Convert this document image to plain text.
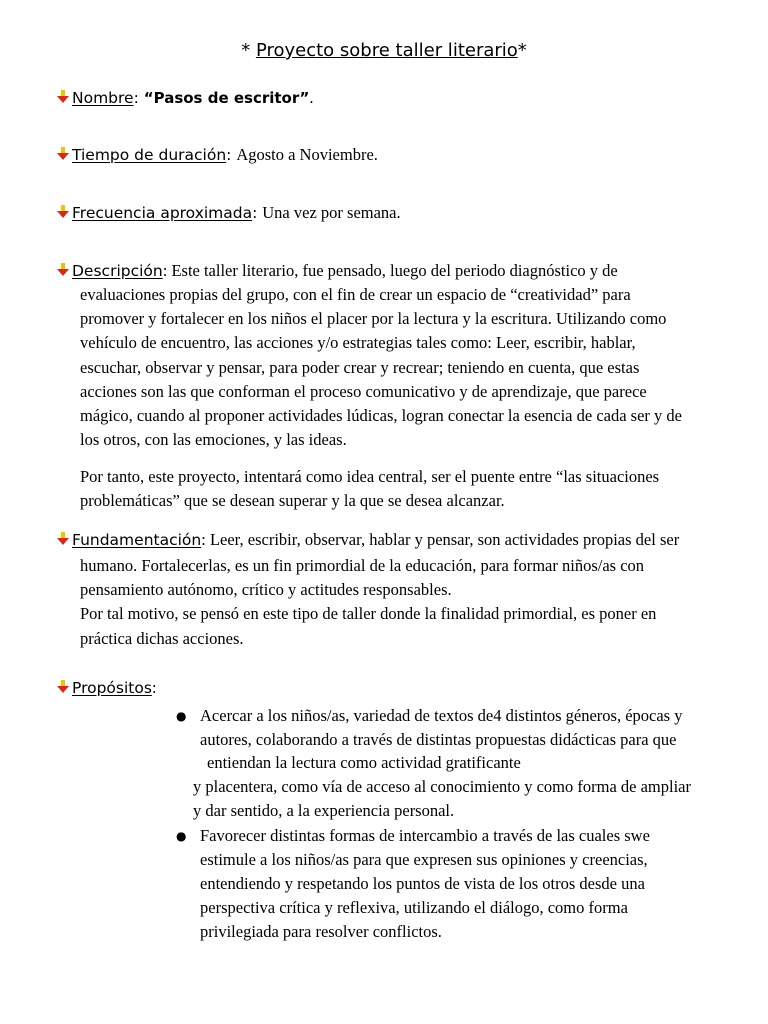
* Proyecto sobre taller literario*
Nombre: “Pasos de escritor”.
Tiempo de duración: Agosto a Noviembre.
Frecuencia aproximada: Una vez por semana.
Descripción: Este taller literario, fue pensado, luego del periodo diagnóstico y de
evaluaciones propias del grupo, con el fin de crear un espacio de “creatividad” para
promover y fortalecer en los niños el placer por la lectura y la escritura. Utilizando como
vehículo de encuentro, las acciones y/o estrategias tales como: Leer, escribir, hablar,
escuchar, observar y pensar, para poder crear y recrear; teniendo en cuenta, que estas
acciones son las que conforman el proceso comunicativo y de aprendizaje, que parece
mágico, cuando al proponer actividades lúdicas, logran conectar la esencia de cada ser y de
los otros, con las emociones, y las ideas.
Por tanto, este proyecto, intentará como idea central, ser el puente entre “las situaciones
problemáticas” que se desean superar y la que se desea alcanzar.
Fundamentación: Leer, escribir, observar, hablar y pensar, son actividades propias del ser
humano. Fortalecerlas, es un fin primordial de la educación, para formar niños/as con
pensamiento autónomo, crítico y actitudes responsables.
Por tal motivo, se pensó en este tipo de taller donde la finalidad primordial, es poner en
práctica dichas acciones.
Propósitos:
● Acercar a los niños/as, variedad de textos de4 distintos géneros, épocas y
autores, colaborando a través de distintas propuestas didácticas para que
entiendan la lectura como actividad gratificante
y placentera, como vía de acceso al conocimiento y como forma de ampliar
y dar sentido, a la experiencia personal.
● Favorecer distintas formas de intercambio a través de las cuales swe
estimule a los niños/as para que expresen sus opiniones y creencias,
entendiendo y respetando los puntos de vista de los otros desde una
perspectiva crítica y reflexiva, utilizando el diálogo, como forma
privilegiada para resolver conflictos.
